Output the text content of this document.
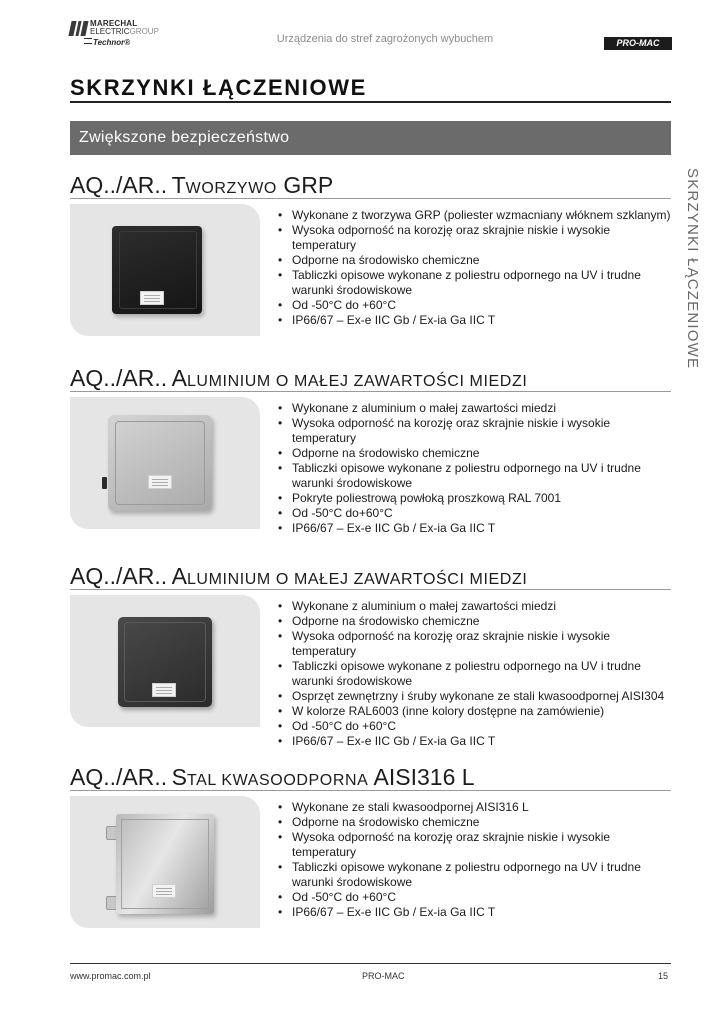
MARECHAL
ELECTRICGROUP
Technor®	Urządzenia do stref zagrożonych wybuchem	PRO-MAC
SKRZYNKI ŁĄCZENIOWE
Zwiększone bezpieczeństwo
SKRZYNKI ŁĄCZENIOWE
AQ../AR.. TWORZYWO GRP
• Wykonane z tworzywa GRP (poliester wzmacniany włóknem szklanym)
• Wysoka odporność na korozję oraz skrajnie niskie i wysokie temperatury
• Odporne na środowisko chemiczne
• Tabliczki opisowe wykonane z poliestru odpornego na UV i trudne warunki środowiskowe
• Od -50°C do +60°C
• IP66/67 – Ex-e IIC Gb / Ex-ia Ga IIC T
AQ../AR.. ALUMINIUM O MAŁEJ ZAWARTOŚCI MIEDZI
• Wykonane z aluminium o małej zawartości miedzi
• Wysoka odporność na korozję oraz skrajnie niskie i wysokie temperatury
• Odporne na środowisko chemiczne
• Tabliczki opisowe wykonane z poliestru odpornego na UV i trudne warunki środowiskowe
• Pokryte poliestrową powłoką proszkową RAL 7001
• Od -50°C do+60°C
• IP66/67 – Ex-e IIC Gb / Ex-ia Ga IIC T
AQ../AR.. ALUMINIUM O MAŁEJ ZAWARTOŚCI MIEDZI
• Wykonane z aluminium o małej zawartości miedzi
• Odporne na środowisko chemiczne
• Wysoka odporność na korozję oraz skrajnie niskie i wysokie temperatury
• Tabliczki opisowe wykonane z poliestru odpornego na UV i trudne warunki środowiskowe
• Osprzęt zewnętrzny i śruby wykonane ze stali kwasoodpornej AISI304
• W kolorze RAL6003 (inne kolory dostępne na zamówienie)
• Od -50°C do +60°C
• IP66/67 – Ex-e IIC Gb / Ex-ia Ga IIC T
AQ../AR.. STAL KWASOODPORNA AISI316 L
• Wykonane ze stali kwasoodpornej AISI316 L
• Odporne na środowisko chemiczne
• Wysoka odporność na korozję oraz skrajnie niskie i wysokie temperatury
• Tabliczki opisowe wykonane z poliestru odpornego na UV i trudne warunki środowiskowe
• Od -50°C do +60°C
• IP66/67 – Ex-e IIC Gb / Ex-ia Ga IIC T
www.promac.com.pl	PRO-MAC	15
